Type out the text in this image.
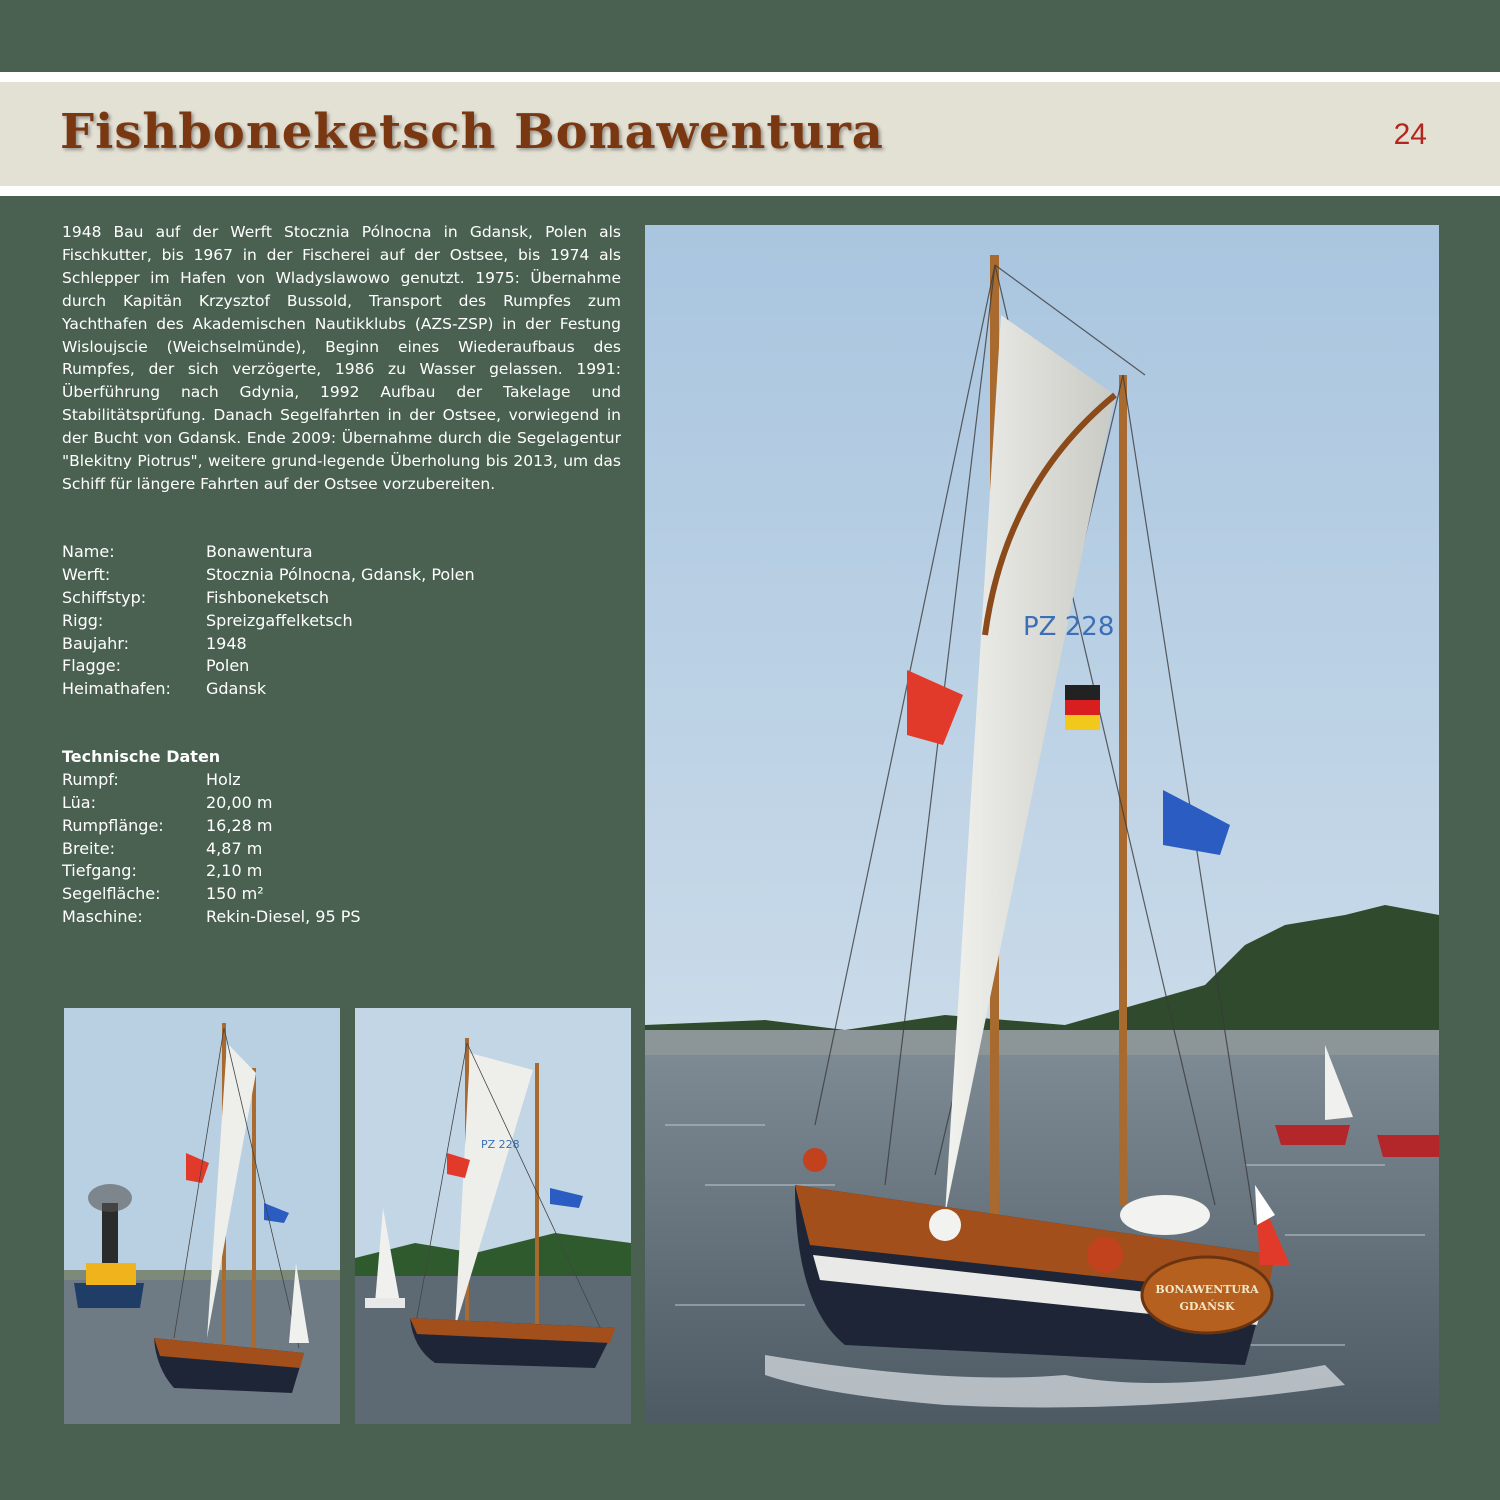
Fishboneketsch Bonawentura	24

1948 Bau auf der Werft Stocznia Pólnocna in Gdansk, Polen als Fischkutter, bis 1967 in der Fischerei auf der Ostsee, bis 1974 als Schlepper im Hafen von Wladyslawowo genutzt. 1975: Übernahme durch Kapitän Krzysztof Bussold, Transport des Rumpfes zum Yachthafen des Akademischen Nautikklubs (AZS-ZSP) in der Festung Wisloujscie (Weichselmünde), Beginn eines Wiederaufbaus des Rumpfes, der sich verzögerte, 1986 zu Wasser gelassen. 1991: Überführung nach Gdynia, 1992 Aufbau der Takelage und Stabilitätsprüfung. Danach Segelfahrten in der Ostsee, vorwiegend in der Bucht von Gdansk. Ende 2009: Übernahme durch die Segelagentur "Blekitny Piotrus", weitere grund-legende Überholung bis 2013, um das Schiff für längere Fahrten auf der Ostsee vorzubereiten.

Name:	Bonawentura
Werft:	Stocznia Pólnocna, Gdansk, Polen
Schiffstyp:	Fishboneketsch
Rigg:	Spreizgaffelketsch
Baujahr:	1948
Flagge:	Polen
Heimathafen:	Gdansk
Technische Daten
Rumpf:	Holz
Lüa:	20,00 m
Rumpflänge:	16,28 m
Breite:	4,87 m
Tiefgang:	2,10 m
Segelfläche:	150 m²
Maschine:	Rekin-Diesel, 95 PS
PZ 228
BONAWENTURA
GDAŃSK
PZ 228
